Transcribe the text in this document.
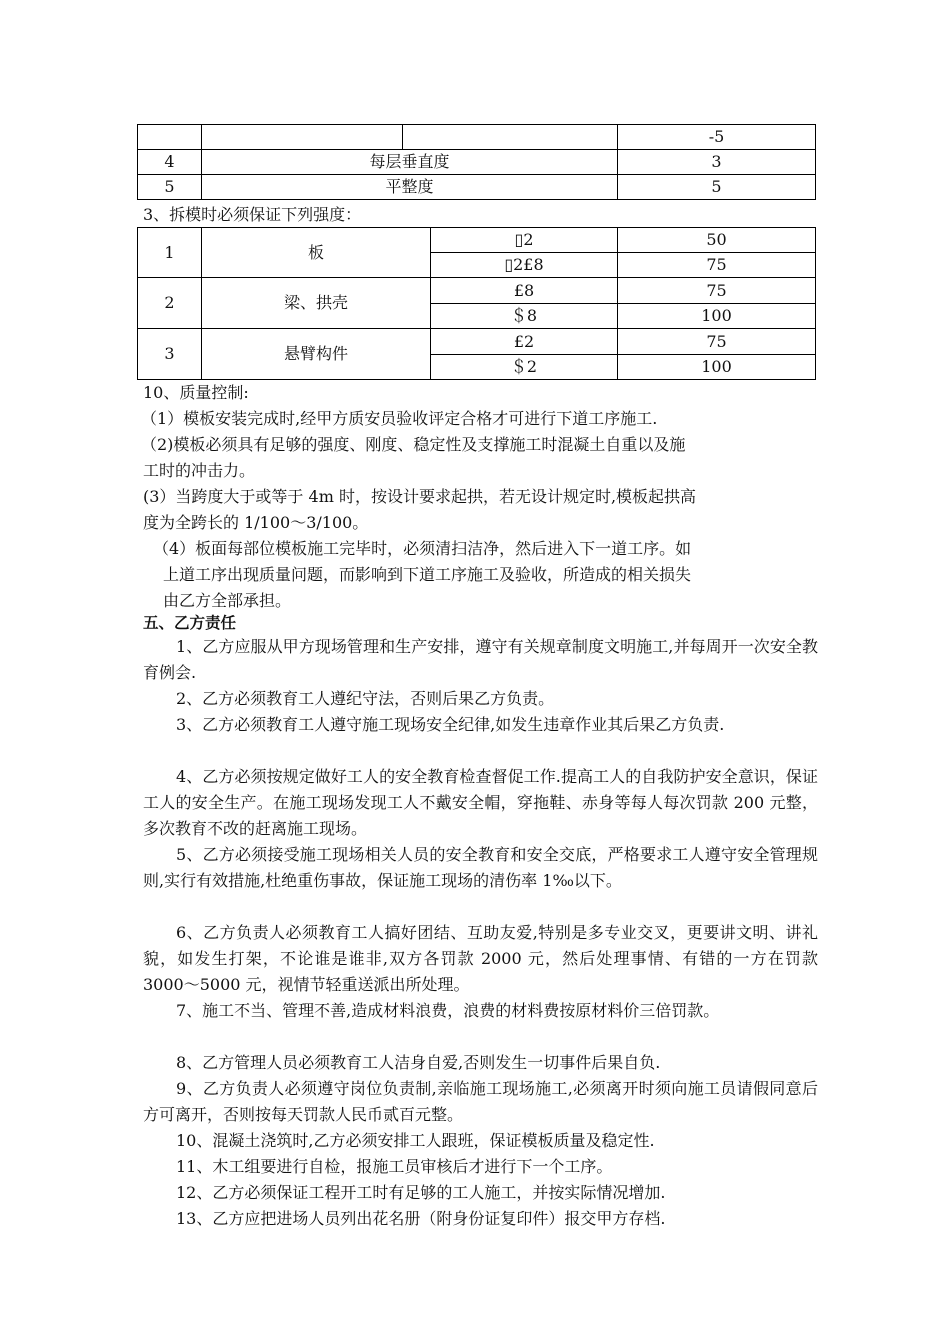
			-5
4	每层垂直度		3
5	平整度		5
3、拆模时必须保证下列强度：
1	板	▯2	50
		▯2£8	75
2	梁、拱壳	£8	75
		＄8	100
3	悬臂构件	£2	75
		＄2	100
10、质量控制:
（1）模板安装完成时,经甲方质安员验收评定合格才可进行下道工序施工.
（2)模板必须具有足够的强度、刚度、稳定性及支撑施工时混凝土自重以及施
工时的冲击力。
(3）当跨度大于或等于 4m 时，按设计要求起拱，若无设计规定时,模板起拱高
度为全跨长的 1/100～3/100。
（4）板面每部位模板施工完毕时，必须清扫洁净，然后进入下一道工序。如
上道工序出现质量问题，而影响到下道工序施工及验收，所造成的相关损失
由乙方全部承担。
五、乙方责任
1、乙方应服从甲方现场管理和生产安排，遵守有关规章制度文明施工,并每周开一次安全教育例会.
2、乙方必须教育工人遵纪守法，否则后果乙方负责。
3、乙方必须教育工人遵守施工现场安全纪律,如发生违章作业其后果乙方负责.
4、乙方必须按规定做好工人的安全教育检查督促工作.提高工人的自我防护安全意识，保证工人的安全生产。在施工现场发现工人不戴安全帽，穿拖鞋、赤身等每人每次罚款 200 元整，多次教育不改的赶离施工现场。
5、乙方必须接受施工现场相关人员的安全教育和安全交底，严格要求工人遵守安全管理规则,实行有效措施,杜绝重伤事故，保证施工现场的清伤率 1‰以下。
6、乙方负责人必须教育工人搞好团结、互助友爱,特别是多专业交叉，更要讲文明、讲礼貌，如发生打架，不论谁是谁非,双方各罚款 2000 元，然后处理事情、有错的一方在罚款 3000～5000 元，视情节轻重送派出所处理。
7、施工不当、管理不善,造成材料浪费，浪费的材料费按原材料价三倍罚款。
8、乙方管理人员必须教育工人洁身自爱,否则发生一切事件后果自负.
9、乙方负责人必须遵守岗位负责制,亲临施工现场施工,必须离开时须向施工员请假同意后方可离开，否则按每天罚款人民币贰百元整。
10、混凝土浇筑时,乙方必须安排工人跟班，保证模板质量及稳定性.
11、木工组要进行自检，报施工员审核后才进行下一个工序。
12、乙方必须保证工程开工时有足够的工人施工，并按实际情况增加.
13、乙方应把进场人员列出花名册（附身份证复印件）报交甲方存档.
